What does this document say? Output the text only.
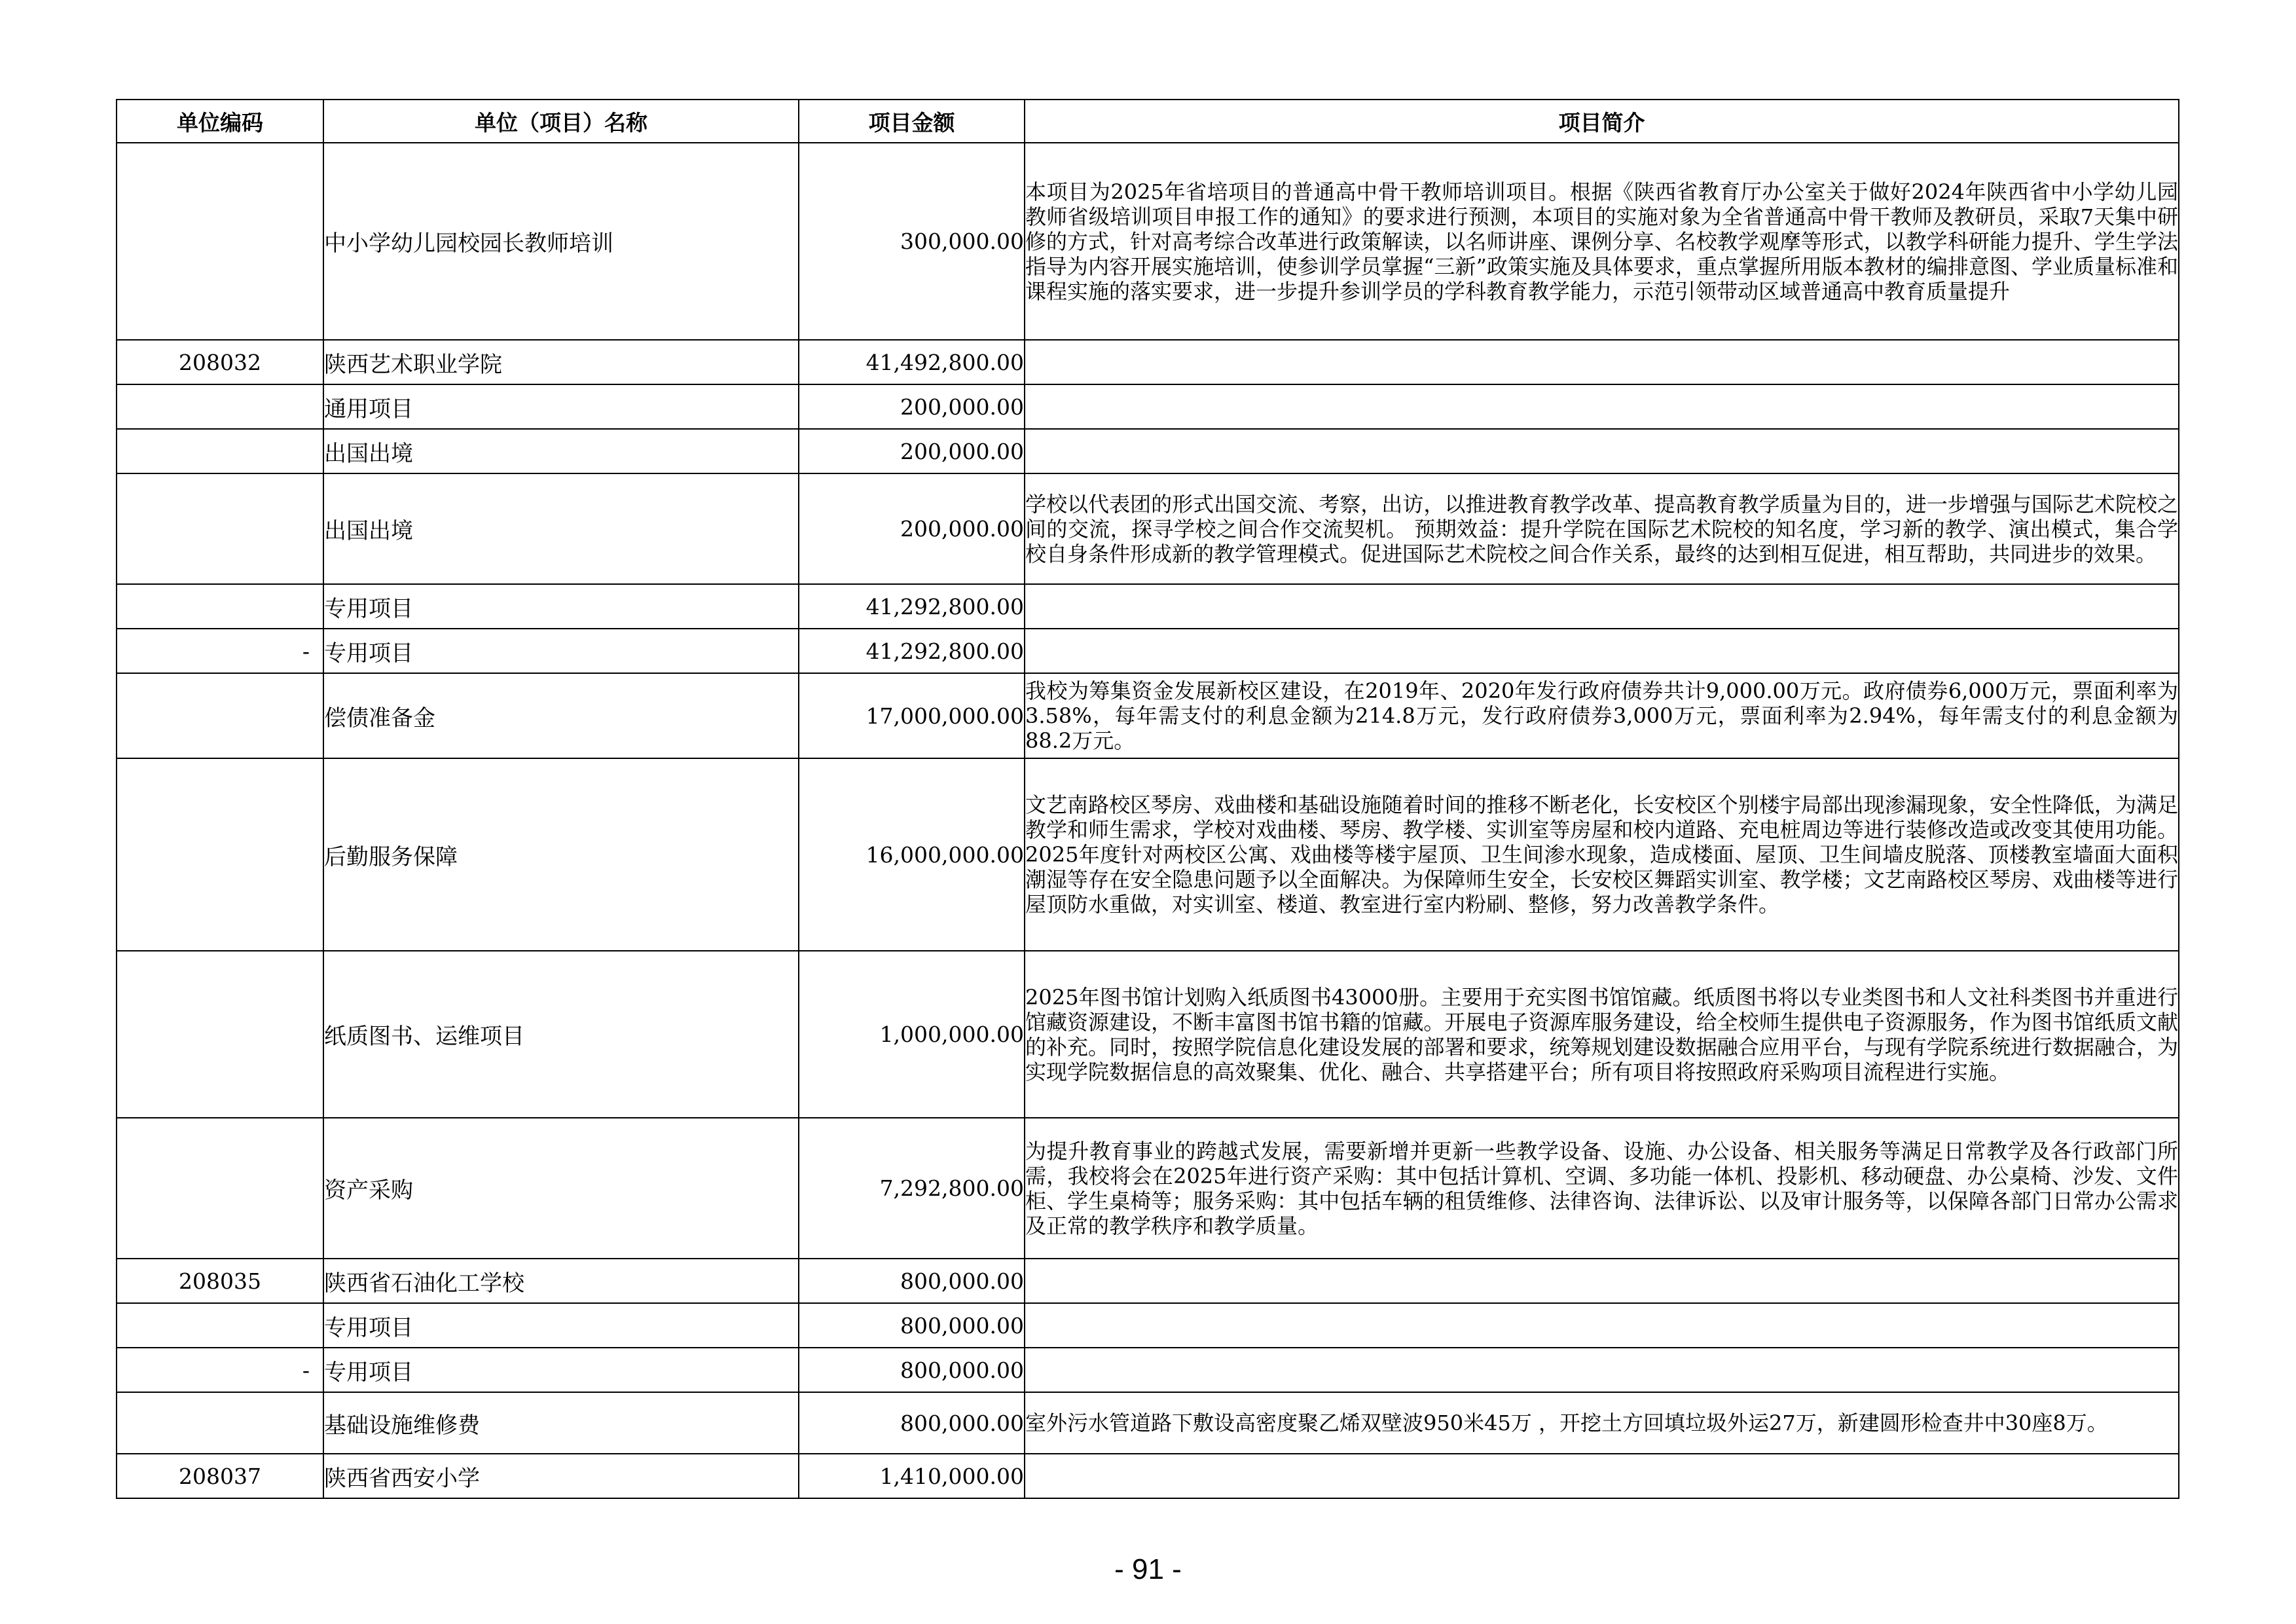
单位编码	单位（项目）名称	项目金额	项目简介
	中小学幼儿园校园长教师培训	300,000.00	本项目为2025年省培项目的普通高中骨干教师培训项目。根据《陕西省教育厅办公室关于做好2024年陕西省中小学幼儿园教师省级培训项目申报工作的通知》的要求进行预测，本项目的实施对象为全省普通高中骨干教师及教研员，采取7天集中研修的方式，针对高考综合改革进行政策解读，以名师讲座、课例分享、名校教学观摩等形式，以教学科研能力提升、学生学法指导为内容开展实施培训，使参训学员掌握“三新”政策实施及具体要求，重点掌握所用版本教材的编排意图、学业质量标准和课程实施的落实要求，进一步提升参训学员的学科教育教学能力，示范引领带动区域普通高中教育质量提升
208032	陕西艺术职业学院	41,492,800.00	
	通用项目	200,000.00	
	出国出境	200,000.00	
	出国出境	200,000.00	学校以代表团的形式出国交流、考察，出访，以推进教育教学改革、提高教育教学质量为目的，进一步增强与国际艺术院校之间的交流，探寻学校之间合作交流契机。 预期效益：提升学院在国际艺术院校的知名度，学习新的教学、演出模式，集合学校自身条件形成新的教学管理模式。促进国际艺术院校之间合作关系，最终的达到相互促进，相互帮助，共同进步的效果。
	专用项目	41,292,800.00	
-	专用项目	41,292,800.00	
	偿债准备金	17,000,000.00	我校为筹集资金发展新校区建设，在2019年、2020年发行政府债券共计9,000.00万元。政府债券6,000万元，票面利率为3.58%，每年需支付的利息金额为214.8万元，发行政府债券3,000万元，票面利率为2.94%，每年需支付的利息金额为88.2万元。
	后勤服务保障	16,000,000.00	文艺南路校区琴房、戏曲楼和基础设施随着时间的推移不断老化，长安校区个别楼宇局部出现渗漏现象，安全性降低，为满足教学和师生需求，学校对戏曲楼、琴房、教学楼、实训室等房屋和校内道路、充电桩周边等进行装修改造或改变其使用功能。2025年度针对两校区公寓、戏曲楼等楼宇屋顶、卫生间渗水现象，造成楼面、屋顶、卫生间墙皮脱落、顶楼教室墙面大面积潮湿等存在安全隐患问题予以全面解决。为保障师生安全，长安校区舞蹈实训室、教学楼；文艺南路校区琴房、戏曲楼等进行屋顶防水重做，对实训室、楼道、教室进行室内粉刷、整修，努力改善教学条件。
	纸质图书、运维项目	1,000,000.00	2025年图书馆计划购入纸质图书43000册。主要用于充实图书馆馆藏。纸质图书将以专业类图书和人文社科类图书并重进行馆藏资源建设，不断丰富图书馆书籍的馆藏。开展电子资源库服务建设，给全校师生提供电子资源服务，作为图书馆纸质文献的补充。同时，按照学院信息化建设发展的部署和要求，统筹规划建设数据融合应用平台，与现有学院系统进行数据融合，为实现学院数据信息的高效聚集、优化、融合、共享搭建平台；所有项目将按照政府采购项目流程进行实施。
	资产采购	7,292,800.00	为提升教育事业的跨越式发展，需要新增并更新一些教学设备、设施、办公设备、相关服务等满足日常教学及各行政部门所需，我校将会在2025年进行资产采购：其中包括计算机、空调、多功能一体机、投影机、移动硬盘、办公桌椅、沙发、文件柜、学生桌椅等；服务采购：其中包括车辆的租赁维修、法律咨询、法律诉讼、以及审计服务等，以保障各部门日常办公需求及正常的教学秩序和教学质量。
208035	陕西省石油化工学校	800,000.00	
	专用项目	800,000.00	
-	专用项目	800,000.00	
	基础设施维修费	800,000.00	室外污水管道路下敷设高密度聚乙烯双壁波950米45万 ，开挖土方回填垃圾外运27万，新建圆形检查井中30座8万。
208037	陕西省西安小学	1,410,000.00	
- 91 -
